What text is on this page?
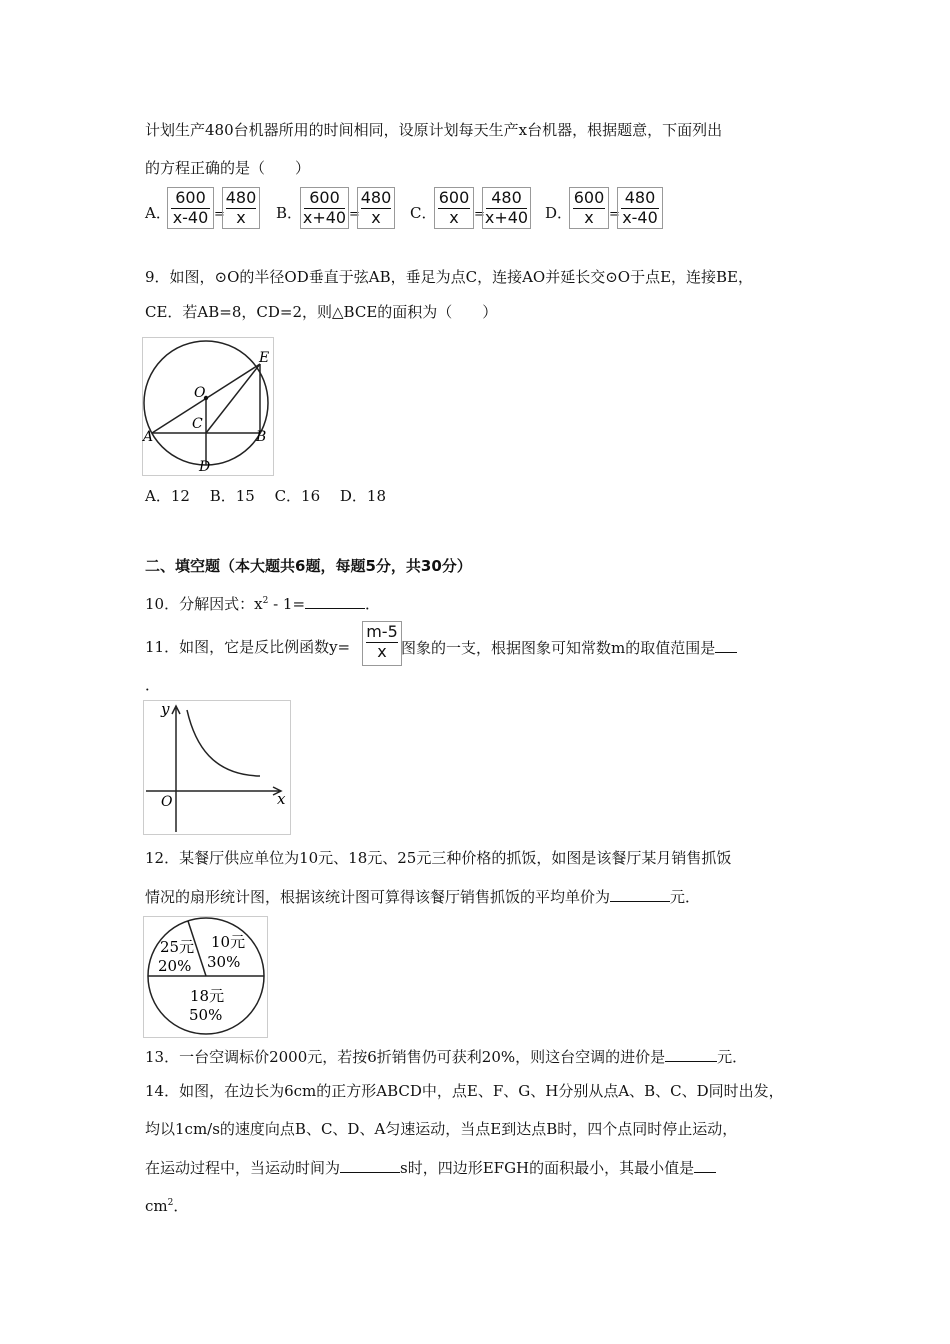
计划生产480台机器所用的时间相同，设原计划每天生产x台机器，根据题意，下面列出
的方程正确的是（　　）
A．
600
x-40 =
480
x	B．
600
x+40 =
480
x	C．
600
x	=
480
x+40 D．
600
x	=
480
x-40
9．如图，⊙O的半径OD垂直于弦AB，垂足为点C，连接AO并延长交⊙O于点E，连接BE，
CE．若AB=8，CD=2，则△BCE的面积为（　　）
E
O
C
A	B
D
A．12　 B．15　 C．16　 D．18
二、填空题（本大题共6题，每题5分，共30分）
10．分解因式：$x^2 - 1=$	．
11．如图，它是反比例函数y=
m-5
x 图象的一支，根据图象可知常数m的取值范围是
．
y
x
O
12．某餐厅供应单位为10元、18元、25元三种价格的抓饭，如图是该餐厅某月销售抓饭
情况的扇形统计图，根据该统计图可算得该餐厅销售抓饭的平均单价为	元．
25元
20%
10元
30%
18元
50%
13．一台空调标价2000元，若按6折销售仍可获利20%，则这台空调的进价是	元．
14．如图，在边长为6cm的正方形ABCD中，点E、F、G、H分别从点A、B、C、D同时出发，
均以1cm/s的速度向点B、C、D、A匀速运动，当点E到达点B时，四个点同时停止运动，
在运动过程中，当运动时间为	s时，四边形EFGH的面积最小，其最小值是
$cm^2$．
